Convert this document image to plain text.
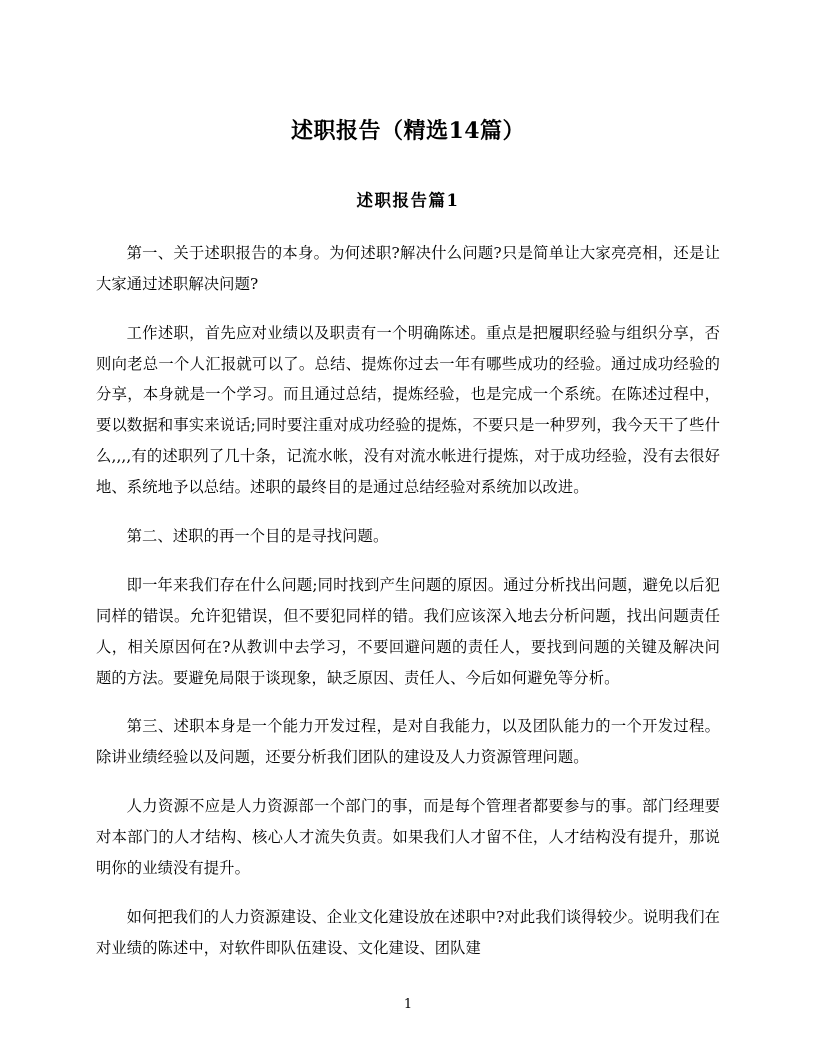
述职报告（精选14篇）
述职报告篇1

第一、关于述职报告的本身。为何述职?解决什么问题?只是简单让大家亮亮相，还是让大家通过述职解决问题?

工作述职，首先应对业绩以及职责有一个明确陈述。重点是把履职经验与组织分享，否则向老总一个人汇报就可以了。总结、提炼你过去一年有哪些成功的经验。通过成功经验的分享，本身就是一个学习。而且通过总结，提炼经验，也是完成一个系统。在陈述过程中，要以数据和事实来说话;同时要注重对成功经验的提炼，不要只是一种罗列，我今天干了些什么,,,,有的述职列了几十条，记流水帐，没有对流水帐进行提炼，对于成功经验，没有去很好地、系统地予以总结。述职的最终目的是通过总结经验对系统加以改进。

第二、述职的再一个目的是寻找问题。

即一年来我们存在什么问题;同时找到产生问题的原因。通过分析找出问题，避免以后犯同样的错误。允许犯错误，但不要犯同样的错。我们应该深入地去分析问题，找出问题责任人，相关原因何在?从教训中去学习，不要回避问题的责任人，要找到问题的关键及解决问题的方法。要避免局限于谈现象，缺乏原因、责任人、今后如何避免等分析。

第三、述职本身是一个能力开发过程，是对自我能力，以及团队能力的一个开发过程。除讲业绩经验以及问题，还要分析我们团队的建设及人力资源管理问题。

人力资源不应是人力资源部一个部门的事，而是每个管理者都要参与的事。部门经理要对本部门的人才结构、核心人才流失负责。如果我们人才留不住，人才结构没有提升，那说明你的业绩没有提升。

如何把我们的人力资源建设、企业文化建设放在述职中?对此我们谈得较少。说明我们在对业绩的陈述中，对软件即队伍建设、文化建设、团队建

1
